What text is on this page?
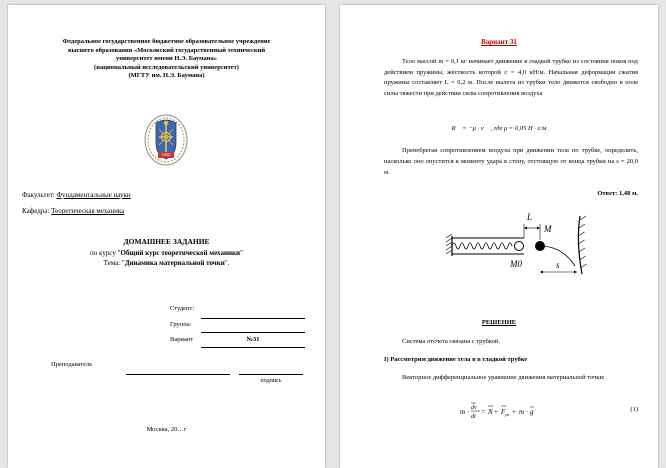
Федеральное государственное бюджетное образовательное учреждение
высшего образования «Московский государственный технический
университет имени Н.Э. Баумана»
(национальный исследовательский университет)
(МГТУ им. Н.Э. Баумана)
1830
Факультет: Фундаментальные науки
Кафедра: Теоретическая механика
ДОМАШНЕЕ ЗАДАНИЕ
по курсу "Общий курс теоретической механики"
Тема: "Динамика материальной точки".
Студент:
Группа:
Вариант	№31
Преподаватель
подпись
Москва, 20…г
Вариант 31
Тело массой m = 0,1 кг начинает движение в гладкой трубке из состояния покоя под действием пружины, жёсткость которой c = 4,0 кН/м. Начальная деформация сжатия пружины составляет L = 0,2 м. После вылета из трубки тело движется свободно в поле силы тяжести при действии силы сопротивления воздуха
R⃗ = −μ · v⃗ , где μ = 0,05 Н · с/м
Пренебрегая сопротивлением воздуха при движении тела по трубке, определить, насколько оно опустится к моменту удара в стену, отстоящую от конца трубки на s = 20,0 м.
Ответ: 1,48 м.
L
M
M0	s
РЕШЕНИЕ
Система отсчета связана с трубкой.
I) Рассмотрим движение тела в в гладкой трубке
Векторное дифференциальное уравнение движения материальной точки:
m · dv
dt
= N + F уп + m · g	(1)
